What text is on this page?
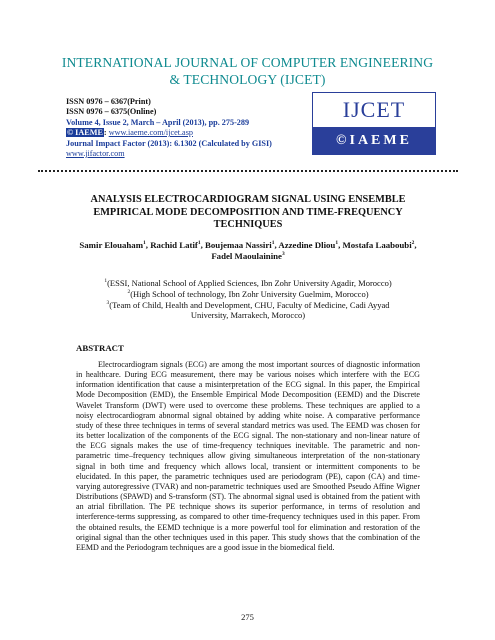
INTERNATIONAL JOURNAL OF COMPUTER ENGINEERING
& TECHNOLOGY (IJCET)
ISSN 0976 – 6367(Print)
ISSN 0976 – 6375(Online)
Volume 4, Issue 2, March – April (2013), pp. 275-289
© IAEME: www.iaeme.com/ijcet.asp
Journal Impact Factor (2013): 6.1302 (Calculated by GISI)
www.jifactor.com
IJCET
©IAEME
ANALYSIS ELECTROCARDIOGRAM SIGNAL USING ENSEMBLE
EMPIRICAL MODE DECOMPOSITION AND TIME-FREQUENCY
TECHNIQUES
Samir Elouaham$^1$, Rachid Latif$^1$, Boujemaa Nassiri$^1$, Azzedine Dliou$^1$, Mostafa Laaboubi$^2$, Fadel Maoulainine$^3$
$^1$(ESSI, National School of Applied Sciences, Ibn Zohr University Agadir, Morocco)
$^2$(High School of technology, Ibn Zohr University Guelmim, Morocco)
$^3$(Team of Child, Health and Development, CHU, Faculty of Medicine, Cadi Ayyad University, Marrakech, Morocco)
ABSTRACT
Electrocardiogram signals (ECG) are among the most important sources of diagnostic information in healthcare. During ECG measurement, there may be various noises which interfere with the ECG information identification that cause a misinterpretation of the ECG signal. In this paper, the Empirical Mode Decomposition (EMD), the Ensemble Empirical Mode Decomposition (EEMD) and the Discrete Wavelet Transform (DWT) were used to overcome these problems. These techniques are applied to a noisy electrocardiogram abnormal signal obtained by adding white noise. A comparative performance study of these three techniques in terms of several standard metrics was used. The EEMD was chosen for its better localization of the components of the ECG signal. The non-stationary and non-linear nature of the ECG signals makes the use of time-frequency techniques inevitable. The parametric and non-parametric time–frequency techniques allow giving simultaneous interpretation of the non-stationary signal in both time and frequency which allows local, transient or intermittent components to be elucidated. In this paper, the parametric techniques used are periodogram (PE), capon (CA) and time-varying autoregressive (TVAR) and non-parametric techniques used are Smoothed Pseudo Affine Wigner Distributions (SPAWD) and S-transform (ST). The abnormal signal used is obtained from the patient with an atrial fibrillation. The PE technique shows its superior performance, in terms of resolution and interference-terms suppressing, as compared to other time-frequency techniques used in this paper. From the obtained results, the EEMD technique is a more powerful tool for elimination and restoration of the original signal than the other techniques used in this paper. This study shows that the combination of the EEMD and the Periodogram techniques are a good issue in the biomedical field.
275
